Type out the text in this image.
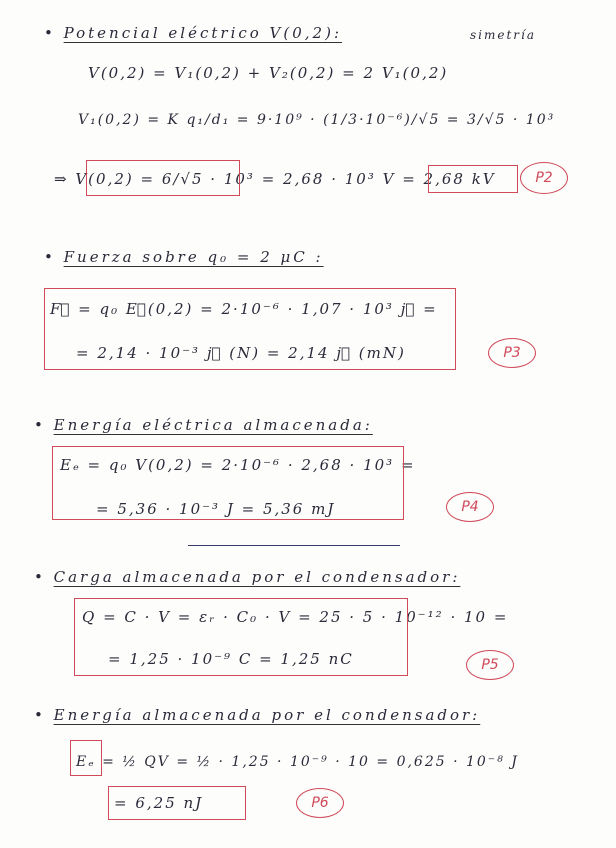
• Potencial eléctrico V(0,2):	simetría
V(0,2) = V₁(0,2) + V₂(0,2) = 2 V₁(0,2)
V₁(0,2) = K q₁/d₁ = 9·10⁹ · (1/3·10⁻⁶)/√5 = 3/√5 · 10³
⇒ V(0,2) = 6/√5 · 10³ = 2,68 · 10³ V = 2,68 kV	P2
• Fuerza sobre q₀ = 2 μC :
F⃗ = q₀ E⃗(0,2) = 2·10⁻⁶ · 1,07 · 10³ j⃗ =
= 2,14 · 10⁻³ j⃗ (N) = 2,14 j⃗ (mN)	P3
• Energía eléctrica almacenada:
Eₑ = q₀ V(0,2) = 2·10⁻⁶ · 2,68 · 10³ =
= 5,36 · 10⁻³ J = 5,36 mJ	P4
• Carga almacenada por el condensador:
Q = C · V = εᵣ · C₀ · V = 25 · 5 · 10⁻¹² · 10 =
= 1,25 · 10⁻⁹ C = 1,25 nC	P5
• Energía almacenada por el condensador:
Eₑ = ½ QV = ½ · 1,25 · 10⁻⁹ · 10 = 0,625 · 10⁻⁸ J
= 6,25 nJ	P6
